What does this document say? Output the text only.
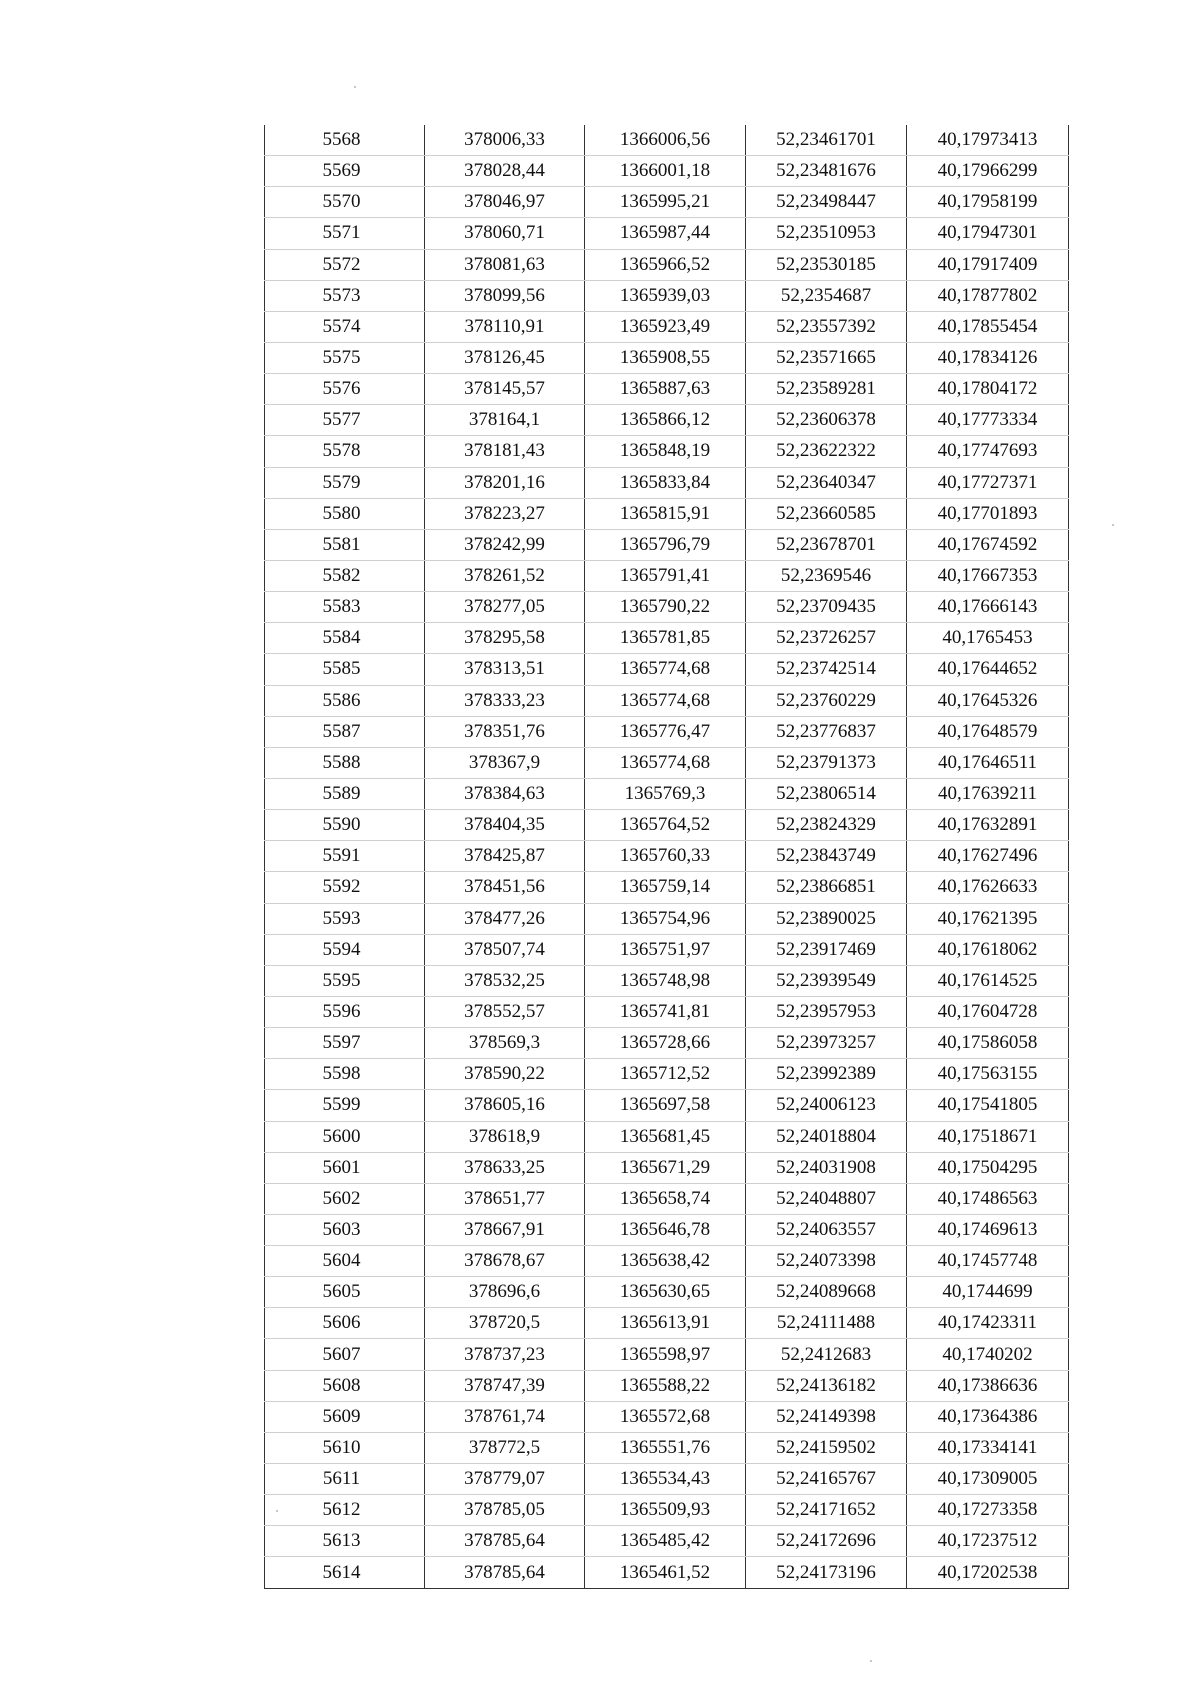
5568	378006,33	1366006,56	52,23461701	40,17973413
5569	378028,44	1366001,18	52,23481676	40,17966299
5570	378046,97	1365995,21	52,23498447	40,17958199
5571	378060,71	1365987,44	52,23510953	40,17947301
5572	378081,63	1365966,52	52,23530185	40,17917409
5573	378099,56	1365939,03	52,2354687	40,17877802
5574	378110,91	1365923,49	52,23557392	40,17855454
5575	378126,45	1365908,55	52,23571665	40,17834126
5576	378145,57	1365887,63	52,23589281	40,17804172
5577	378164,1	1365866,12	52,23606378	40,17773334
5578	378181,43	1365848,19	52,23622322	40,17747693
5579	378201,16	1365833,84	52,23640347	40,17727371
5580	378223,27	1365815,91	52,23660585	40,17701893
5581	378242,99	1365796,79	52,23678701	40,17674592
5582	378261,52	1365791,41	52,2369546	40,17667353
5583	378277,05	1365790,22	52,23709435	40,17666143
5584	378295,58	1365781,85	52,23726257	40,1765453
5585	378313,51	1365774,68	52,23742514	40,17644652
5586	378333,23	1365774,68	52,23760229	40,17645326
5587	378351,76	1365776,47	52,23776837	40,17648579
5588	378367,9	1365774,68	52,23791373	40,17646511
5589	378384,63	1365769,3	52,23806514	40,17639211
5590	378404,35	1365764,52	52,23824329	40,17632891
5591	378425,87	1365760,33	52,23843749	40,17627496
5592	378451,56	1365759,14	52,23866851	40,17626633
5593	378477,26	1365754,96	52,23890025	40,17621395
5594	378507,74	1365751,97	52,23917469	40,17618062
5595	378532,25	1365748,98	52,23939549	40,17614525
5596	378552,57	1365741,81	52,23957953	40,17604728
5597	378569,3	1365728,66	52,23973257	40,17586058
5598	378590,22	1365712,52	52,23992389	40,17563155
5599	378605,16	1365697,58	52,24006123	40,17541805
5600	378618,9	1365681,45	52,24018804	40,17518671
5601	378633,25	1365671,29	52,24031908	40,17504295
5602	378651,77	1365658,74	52,24048807	40,17486563
5603	378667,91	1365646,78	52,24063557	40,17469613
5604	378678,67	1365638,42	52,24073398	40,17457748
5605	378696,6	1365630,65	52,24089668	40,1744699
5606	378720,5	1365613,91	52,24111488	40,17423311
5607	378737,23	1365598,97	52,2412683	40,1740202
5608	378747,39	1365588,22	52,24136182	40,17386636
5609	378761,74	1365572,68	52,24149398	40,17364386
5610	378772,5	1365551,76	52,24159502	40,17334141
5611	378779,07	1365534,43	52,24165767	40,17309005
5612	378785,05	1365509,93	52,24171652	40,17273358
5613	378785,64	1365485,42	52,24172696	40,17237512
5614	378785,64	1365461,52	52,24173196	40,17202538
